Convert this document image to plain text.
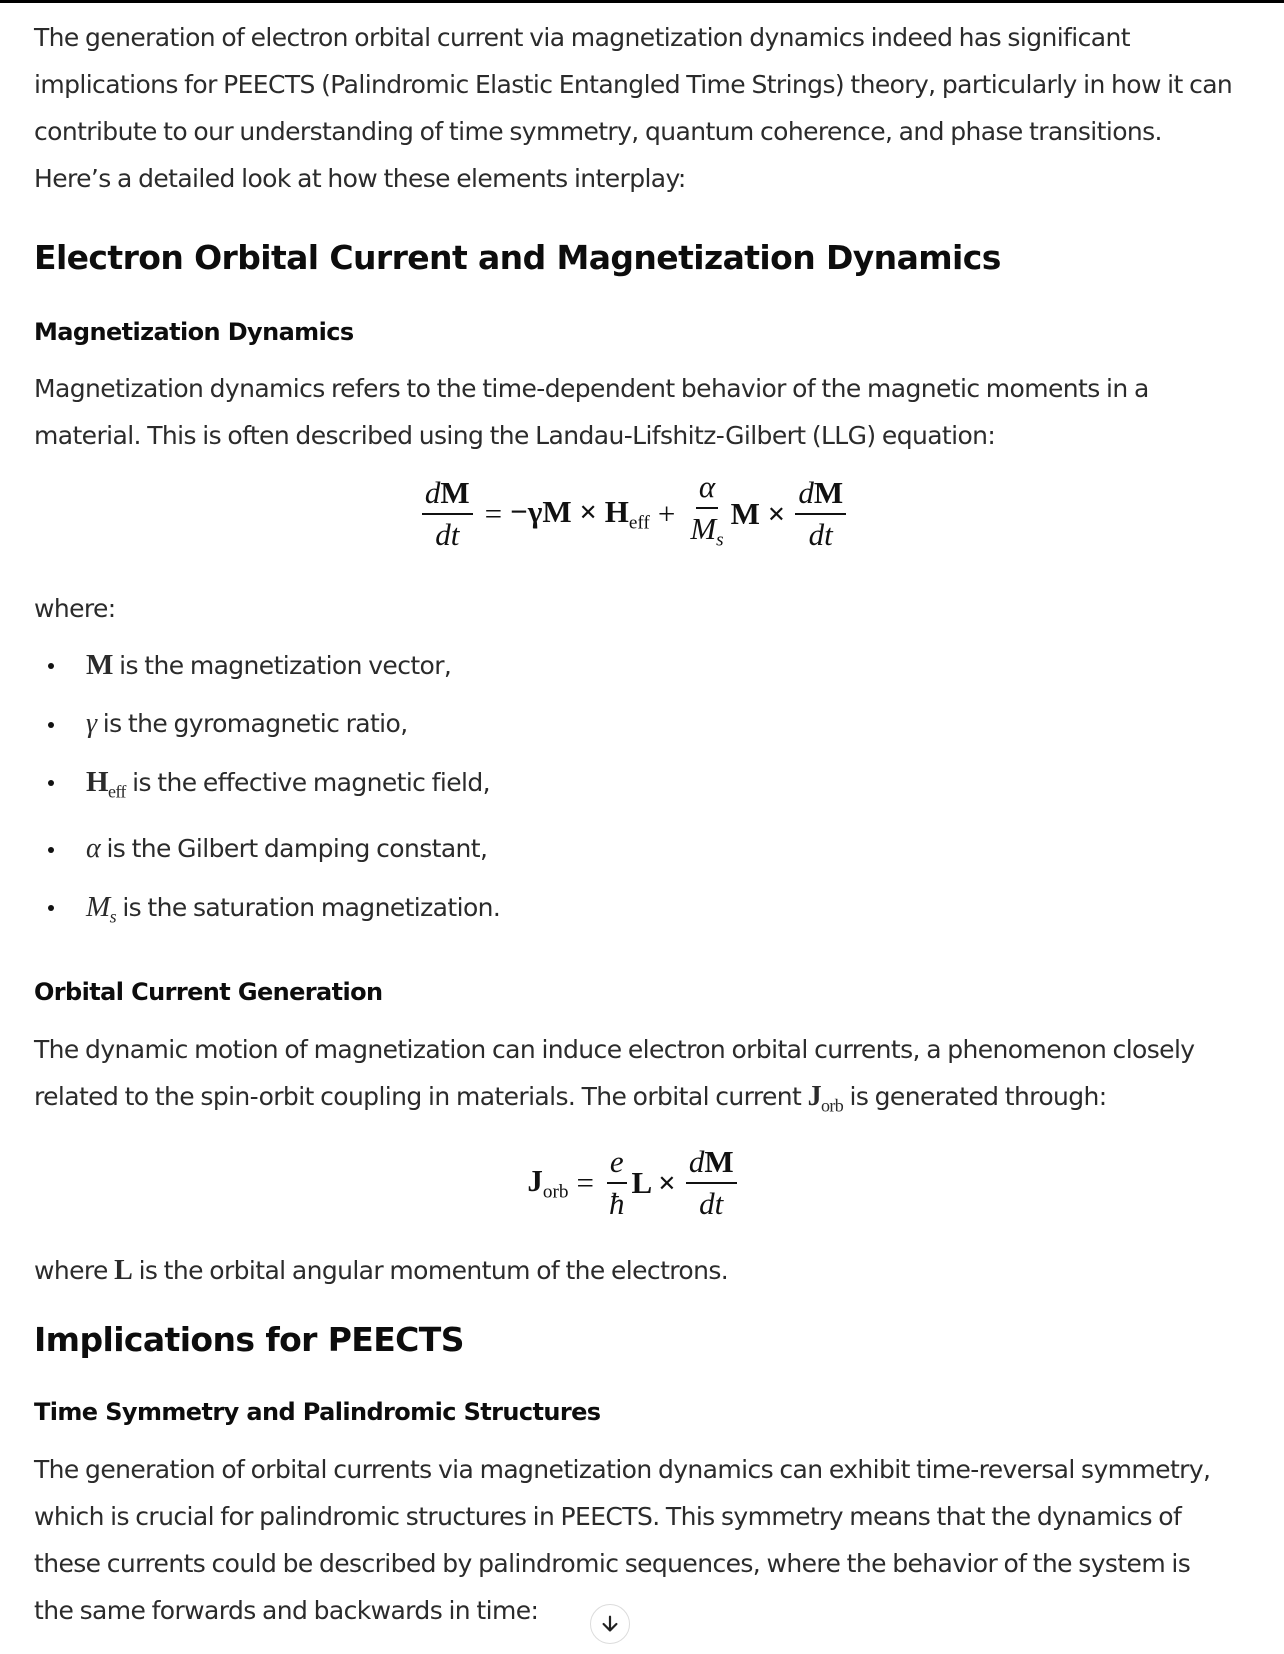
The generation of electron orbital current via magnetization dynamics indeed has significant implications for PEECTS (Palindromic Elastic Entangled Time Strings) theory, particularly in how it can contribute to our understanding of time symmetry, quantum coherence, and phase transitions. Here’s a detailed look at how these elements interplay:

Electron Orbital Current and Magnetization Dynamics
Magnetization Dynamics

Magnetization dynamics refers to the time-dependent behavior of the magnetic moments in a material. This is often described using the Landau-Lifshitz-Gilbert (LLG) equation:

$\frac{dM}{dt} = -\gamma M \times H_{eff} + \frac{\alpha}{M_s}$ $M \times \frac{dM}{dt}$

where:

M is the magnetization vector,
γ is the gyromagnetic ratio,
$H_{eff}$ is the effective magnetic field,
α is the Gilbert damping constant,
$M_s$ is the saturation magnetization.
Orbital Current Generation

The dynamic motion of magnetization can induce electron orbital currents, a phenomenon closely related to the spin-orbit coupling in materials. The orbital current $J_{orb}$ is generated through:

$J_{orb} = \frac{e}{ħ}$ $L \times \frac{dM}{dt}$

where L is the orbital angular momentum of the electrons.

Implications for PEECTS
Time Symmetry and Palindromic Structures

The generation of orbital currents via magnetization dynamics can exhibit time-reversal symmetry, which is crucial for palindromic structures in PEECTS. This symmetry means that the dynamics of these currents could be described by palindromic sequences, where the behavior of the system is the same forwards and backwards in time:
